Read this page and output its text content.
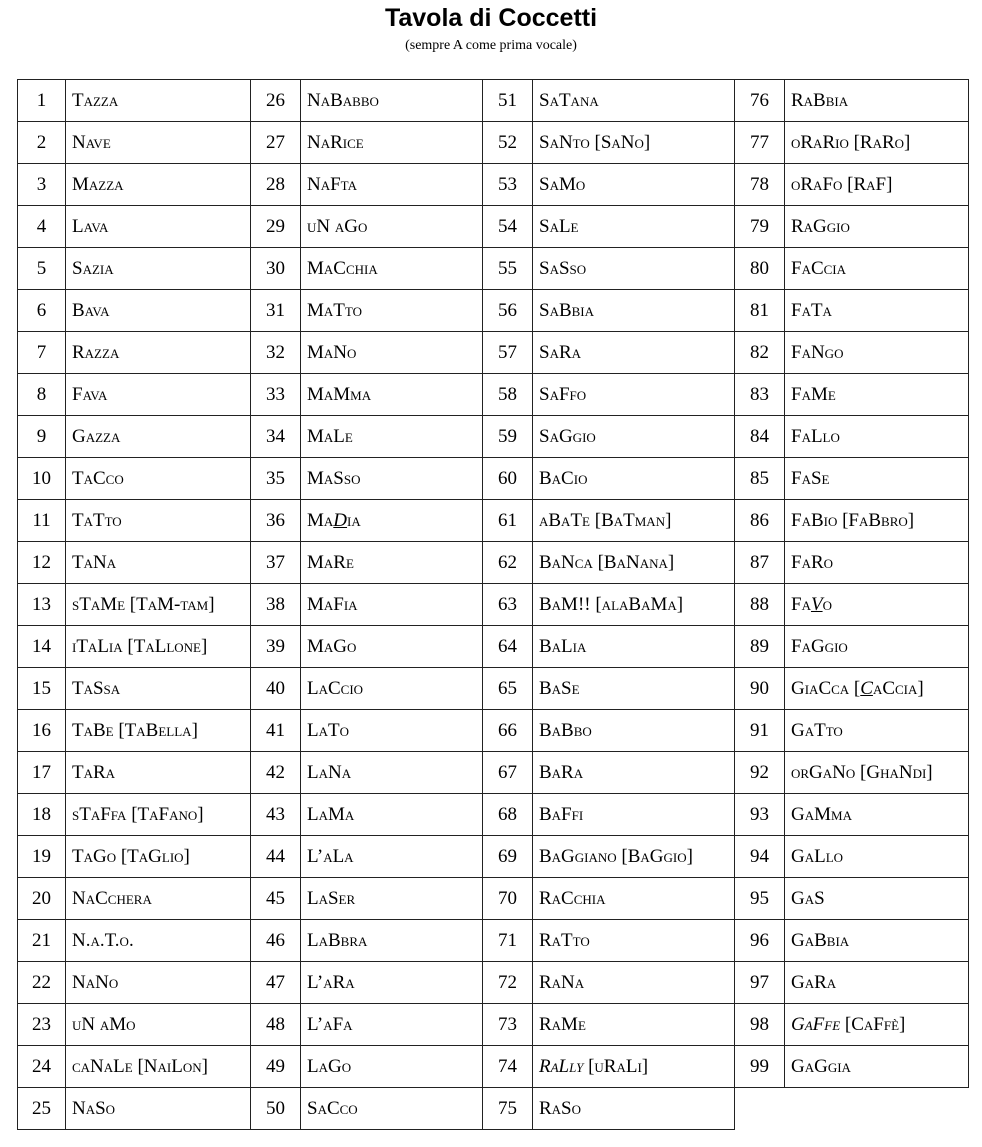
Tavola di Coccetti
(sempre A come prima vocale)
1	Tazza	26	NaBabbo	51	SaTana	76	RaBbia
2	Nave	27	NaRice	52	SaNto [SaNo]	77	oRaRio [RaRo]
3	Mazza	28	NaFta	53	SaMo	78	oRaFo [RaF]
4	Lava	29	uN aGo	54	SaLe	79	RaGgio
5	Sazia	30	MaCchia	55	SaSso	80	FaCcia
6	Bava	31	MaTto	56	SaBbia	81	FaTa
7	Razza	32	MaNo	57	SaRa	82	FaNgo
8	Fava	33	MaMma	58	SaFfo	83	FaMe
9	Gazza	34	MaLe	59	SaGgio	84	FaLlo
10	TaCco	35	MaSso	60	BaCio	85	FaSe
11	TaTto	36	MaDia	61	aBaTe [BaTman]	86	FaBio [FaBbro]
12	TaNa	37	MaRe	62	BaNca [BaNana]	87	FaRo
13	sTaMe [TaM-tam]	38	MaFia	63	BaM!! [alaBaMa]	88	FaVo
14	iTaLia [TaLlone]	39	MaGo	64	BaLia	89	FaGgio
15	TaSsa	40	LaCcio	65	BaSe	90	GiaCca [CaCcia]
16	TaBe [TaBella]	41	LaTo	66	BaBbo	91	GaTto
17	TaRa	42	LaNa	67	BaRa	92	orGaNo [GhaNdi]
18	sTaFfa [TaFano]	43	LaMa	68	BaFfi	93	GaMma
19	TaGo [TaGlio]	44	L’aLa	69	BaGgiano [BaGgio]	94	GaLlo
20	NaCchera	45	LaSer	70	RaCchia	95	GaS
21	N.a.T.o.	46	LaBbra	71	RaTto	96	GaBbia
22	NaNo	47	L’aRa	72	RaNa	97	GaRa
23	uN aMo	48	L’aFa	73	RaMe	98	GaFfe [CaFfè]
24	caNaLe [NaiLon]	49	LaGo	74	RaLly [uRaLi]	99	GaGgia
25	NaSo	50	SaCco	75	RaSo		
